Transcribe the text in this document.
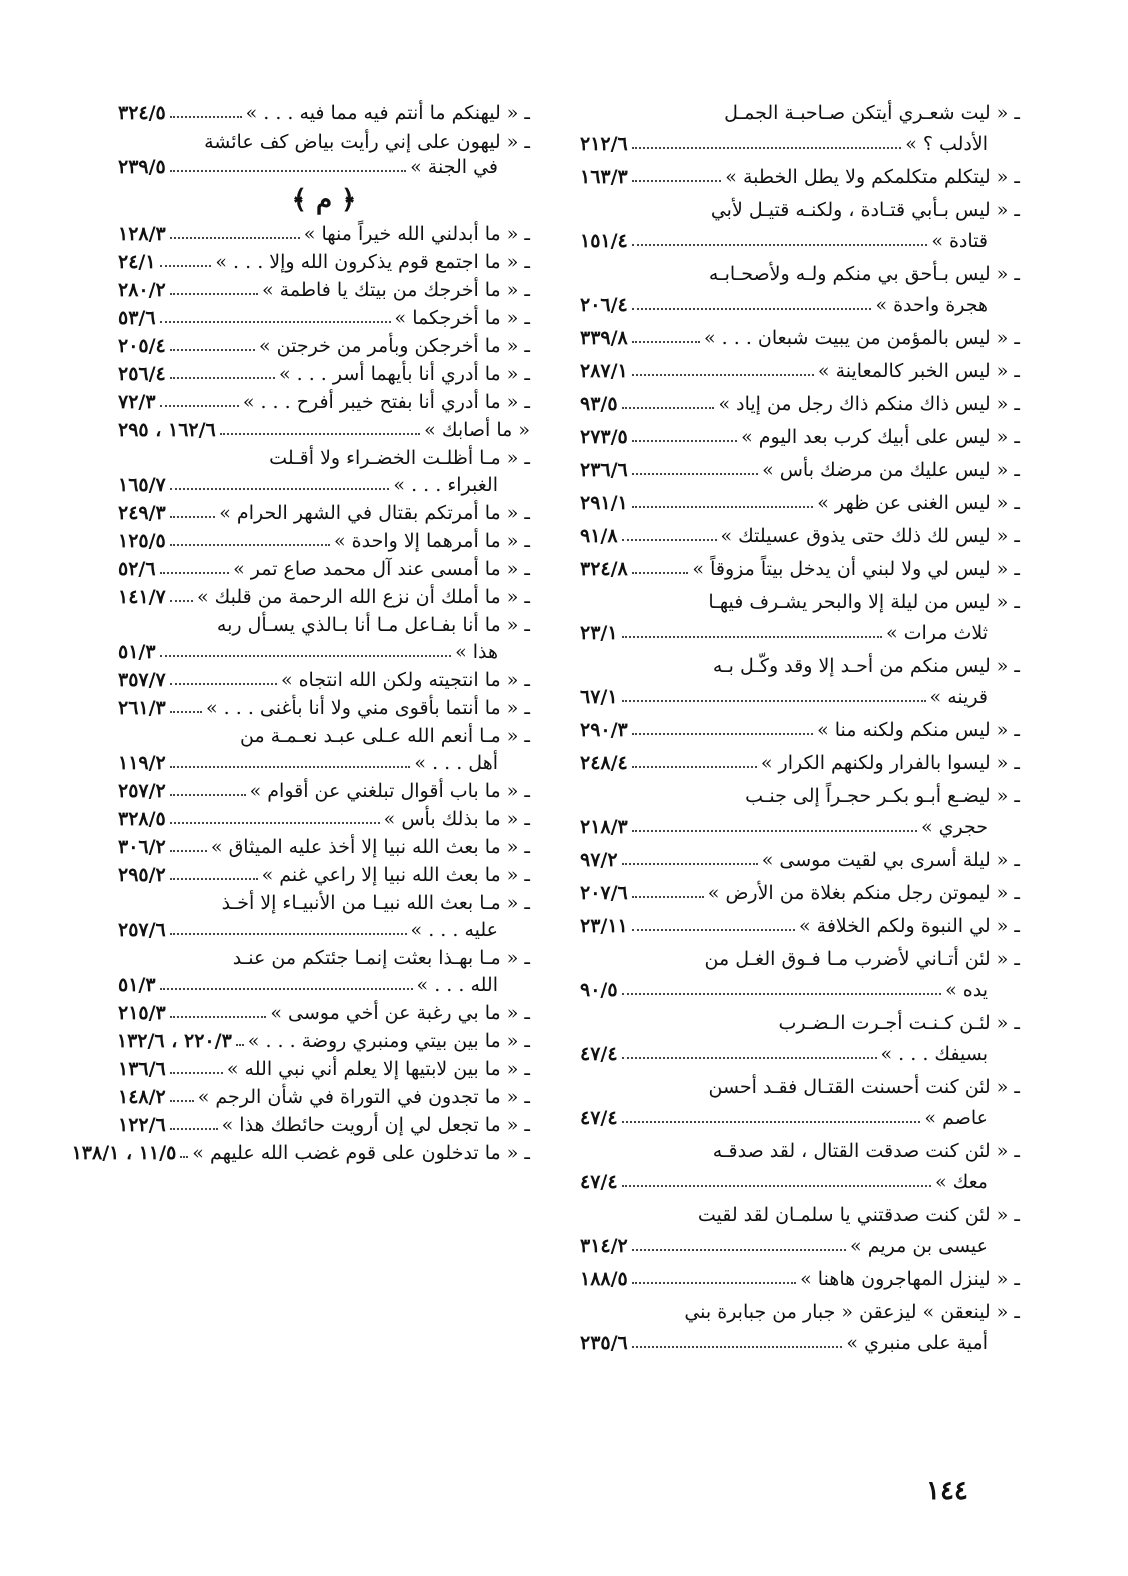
ـ « ليت شعـري أيتكن صـاحبـة الجمـل
الأدلب ؟ »
٢١٢/٦
ـ « ليتكلم متكلمكم ولا يطل الخطبة »
١٦٣/٣
ـ « ليس بـأبي قتـادة ، ولكنـه قتيـل لأبي
قتادة »
١٥١/٤
ـ « ليس بـأحق بي منكم ولـه ولأصحـابـه
هجرة واحدة »
٢٠٦/٤
ـ « ليس بالمؤمن من يبيت شبعان . . . »
٣٣٩/٨
ـ « ليس الخبر كالمعاينة »
٢٨٧/١
ـ « ليس ذاك منكم ذاك رجل من إياد »
٩٣/٥
ـ « ليس على أبيك كرب بعد اليوم »
٢٧٣/٥
ـ « ليس عليك من مرضك بأس »
٢٣٦/٦
ـ « ليس الغنى عن ظهر »
٢٩١/١
ـ « ليس لك ذلك حتى يذوق عسيلتك »
٩١/٨
ـ « ليس لي ولا لبني أن يدخل بيتاً مزوقاً »
٣٢٤/٨
ـ « ليس من ليلة إلا والبحر يشـرف فيهـا
ثلاث مرات »
٢٣/١
ـ « ليس منكم من أحـد إلا وقد وكّـل بـه
قرينه »
٦٧/١
ـ « ليس منكم ولكنه منا »
٢٩٠/٣
ـ « ليسوا بالفرار ولكنهم الكرار »
٢٤٨/٤
ـ « ليضـع أبـو بكـر حجـراً إلى جنـب
حجري »
٢١٨/٣
ـ « ليلة أسرى بي لقيت موسى »
٩٧/٢
ـ « ليموتن رجل منكم بغلاة من الأرض »
٢٠٧/٦
ـ « لي النبوة ولكم الخلافة »
٢٣/١١
ـ « لئن أتـاني لأضرب مـا فـوق الغـل من
يده »
٩٠/٥
ـ « لئـن كـنـت أجـرت الـضـرب
بسيفك . . . »
٤٧/٤
ـ « لئن كنت أحسنت القتـال فقـد أحسن
عاصم »
٤٧/٤
ـ « لئن كنت صدقت القتال ، لقد صدقـه
معك »
٤٧/٤
ـ « لئن كنت صدقتني يا سلمـان لقد لقيت
عيسى بن مريم »
٣١٤/٢
ـ « لينزل المهاجرون هاهنا »
١٨٨/٥
ـ « لينعقن » ليزعقن « جبار من جبابرة بني
أمية على منبري »
٢٣٥/٦
ـ « ليهنكم ما أنتم فيه مما فيه . . . »
٣٢٤/٥
ـ « ليهون على إني رأيت بياض كف عائشة
في الجنة »
٢٣٩/٥
﴿ م ﴾
ـ « ما أبدلني الله خيراً منها »
١٢٨/٣
ـ « ما اجتمع قوم يذكرون الله وإلا . . . »
٢٤/١
ـ « ما أخرجك من بيتك يا فاطمة »
٢٨٠/٢
ـ « ما أخرجكما »
٥٣/٦
ـ « ما أخرجكن وبأمر من خرجتن »
٢٠٥/٤
ـ « ما أدري أنا بأيهما أسر . . . »
٢٥٦/٤
ـ « ما أدري أنا بفتح خيبر أفرح . . . »
٧٢/٣
« ما أصابك »
١٦٢/٦ ، ٢٩٥
ـ « مـا أظلـت الخضـراء ولا أقـلت
الغبراء . . . »
١٦٥/٧
ـ « ما أمرتكم بقتال في الشهر الحرام »
٢٤٩/٣
ـ « ما أمرهما إلا واحدة »
١٢٥/٥
ـ « ما أمسى عند آل محمد صاع تمر »
٥٢/٦
ـ « ما أملك أن نزع الله الرحمة من قلبك »
١٤١/٧
ـ « ما أنا بفـاعل مـا أنا بـالذي يسـأل ربه
هذا »
٥١/٣
ـ « ما انتجيته ولكن الله انتجاه »
٣٥٧/٧
ـ « ما أنتما بأقوى مني ولا أنا بأغنى . . . »
٢٦١/٣
ـ « مـا أنعم الله عـلى عبـد نعـمـة من
أهل . . . »
١١٩/٢
ـ « ما باب أقوال تبلغني عن أقوام »
٢٥٧/٢
ـ « ما بذلك بأس »
٣٢٨/٥
ـ « ما بعث الله نبيا إلا أخذ عليه الميثاق »
٣٠٦/٢
ـ « ما بعث الله نبيا إلا راعي غنم »
٢٩٥/٢
ـ « مـا بعث الله نبيـا من الأنبيـاء إلا أخـذ
عليه . . . »
٢٥٧/٦
ـ « مـا بهـذا بعثت إنمـا جئتكم من عنـد
الله . . . »
٥١/٣
ـ « ما بي رغبة عن أخي موسى »
٢١٥/٣
ـ « ما بين بيتي ومنبري روضة . . . »
٢٢٠/٣ ، ١٣٢/٦
ـ « ما بين لابتيها إلا يعلم أني نبي الله »
١٣٦/٦
ـ « ما تجدون في التوراة في شأن الرجم »
١٤٨/٢
ـ « ما تجعل لي إن أرويت حائطك هذا »
١٢٢/٦
ـ « ما تدخلون على قوم غضب الله عليهم »
١١/٥ ، ١٣٨/١
١٤٤
